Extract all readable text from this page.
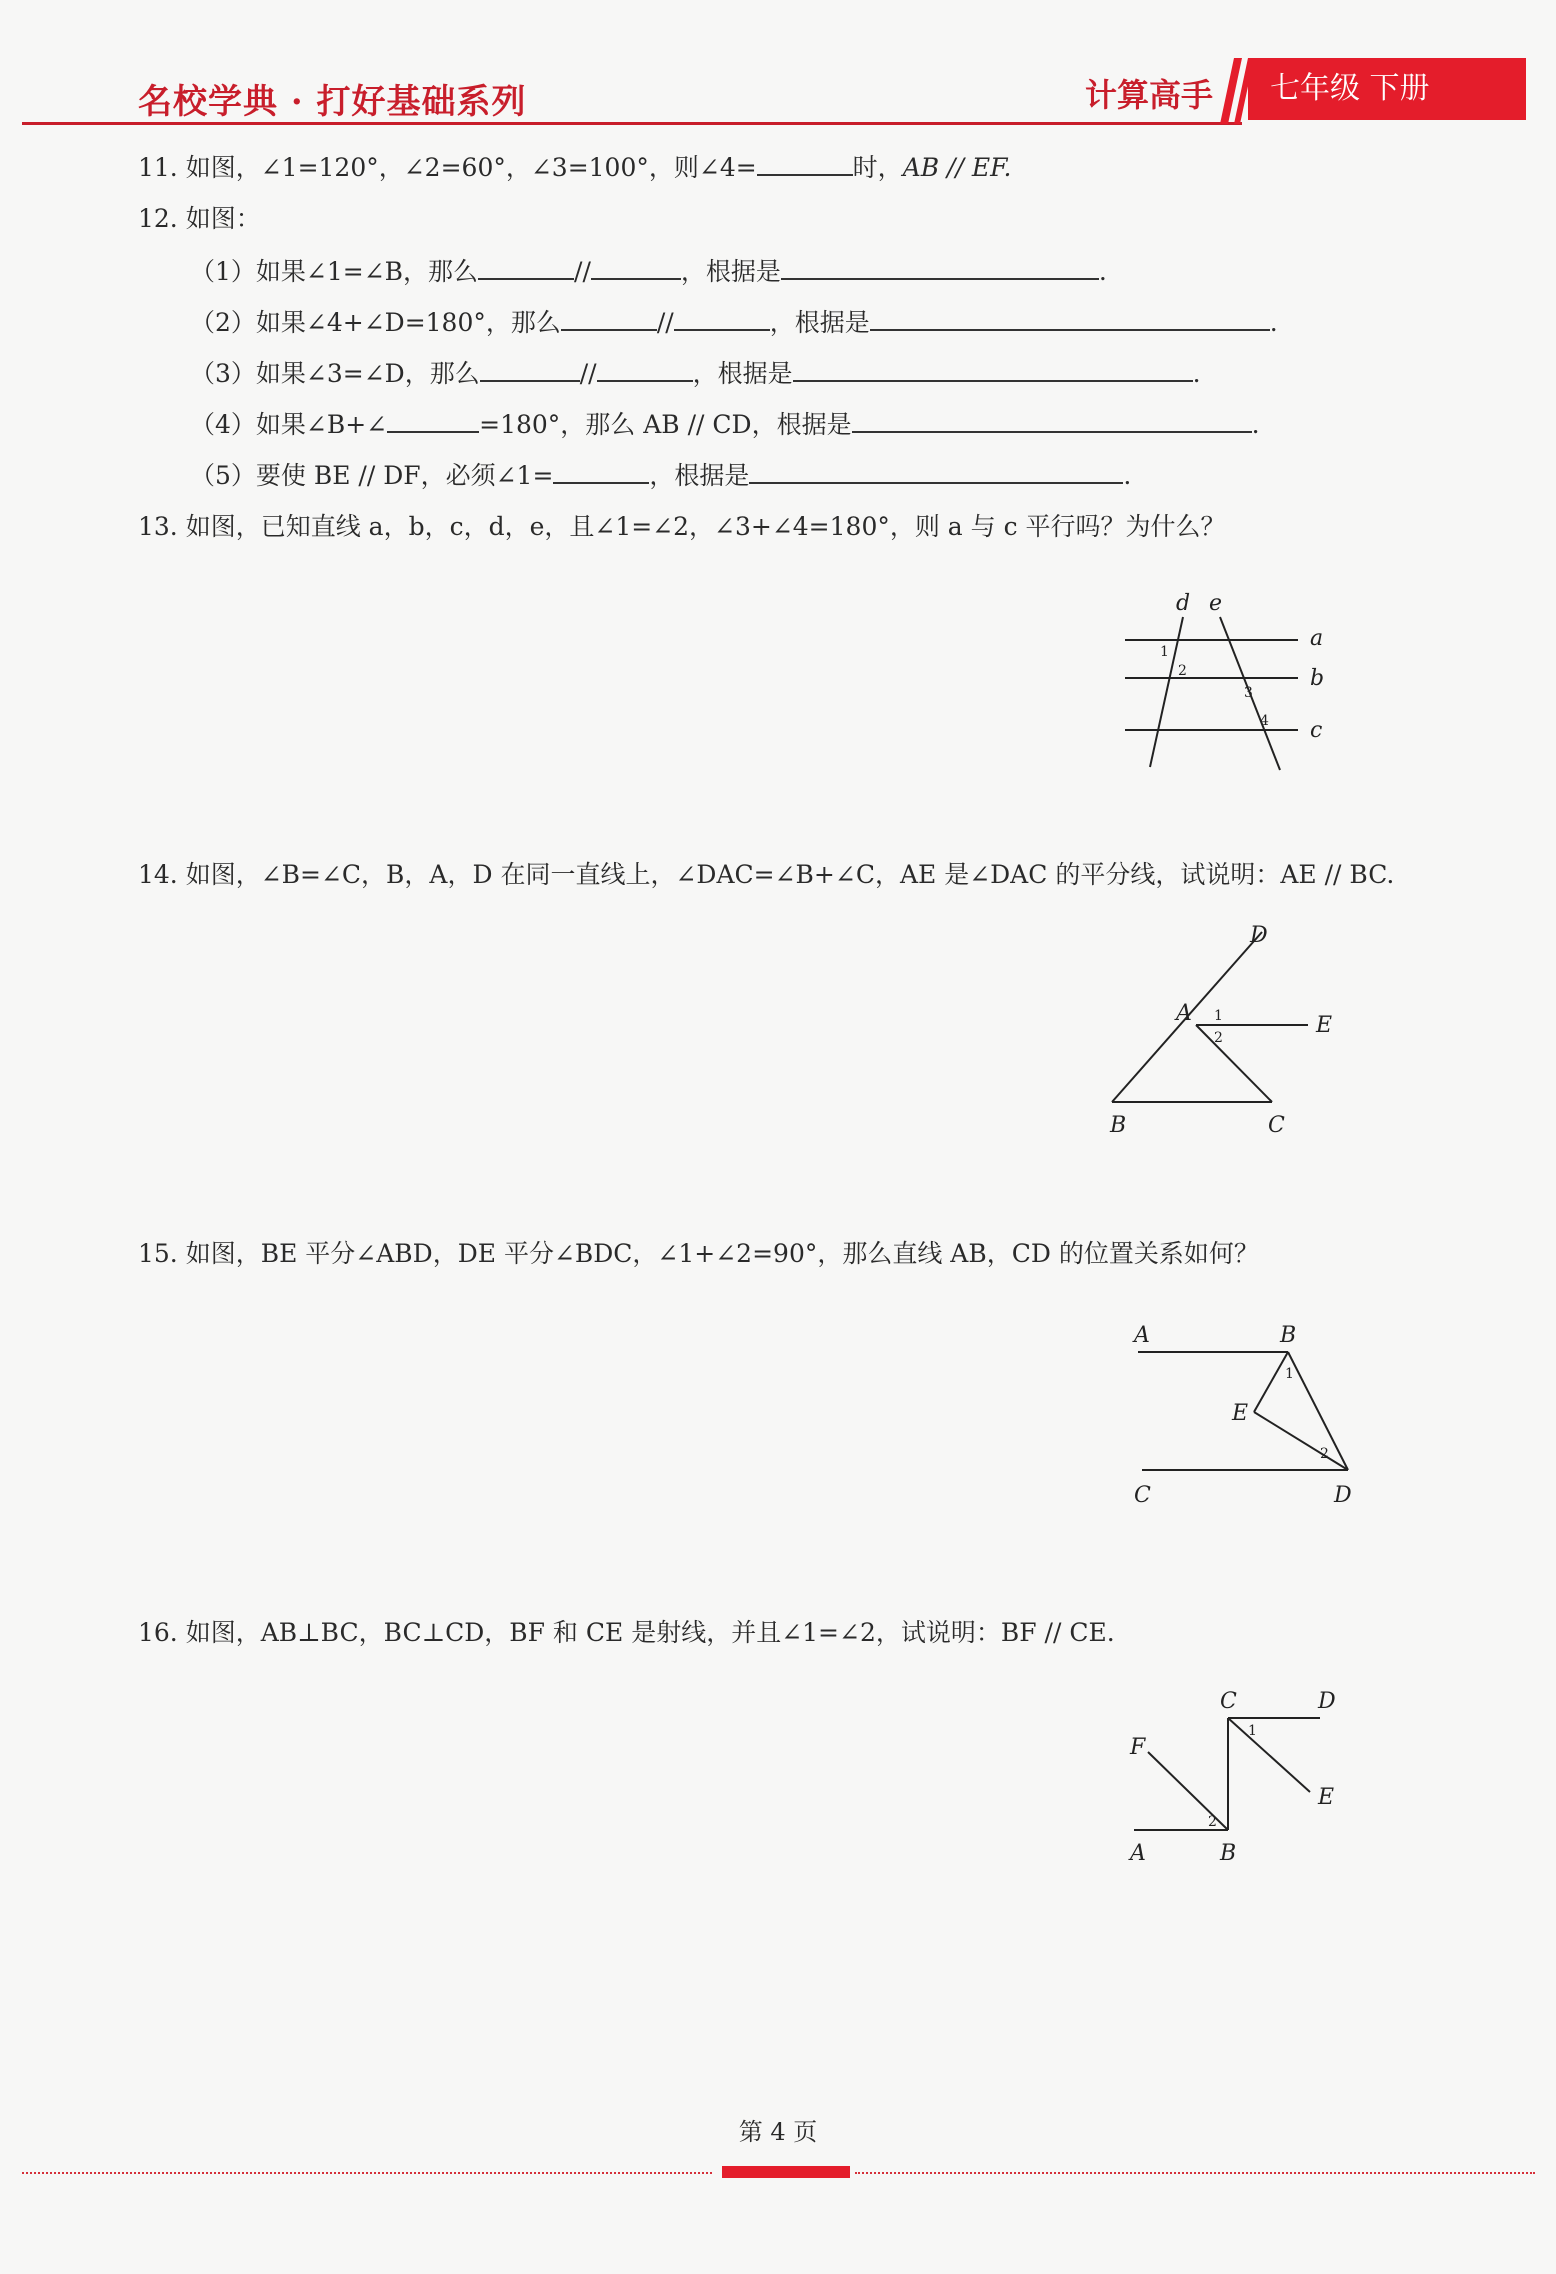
名校学典 · 打好基础系列	计算高手	七年级 下册
11. 如图，∠1=120°，∠2=60°，∠3=100°，则∠4=	时，AB // EF.
12. 如图：
（1）如果∠1=∠B，那么	//	，根据是	.
（2）如果∠4+∠D=180°，那么	//	，根据是	.
（3）如果∠3=∠D，那么	//	，根据是	.
（4）如果∠B+∠	=180°，那么 AB // CD，根据是	.
（5）要使 BE // DF，必须∠1=	，根据是	.
13. 如图，已知直线 a，b，c，d，e，且∠1=∠2，∠3+∠4=180°，则 a 与 c 平行吗？为什么？
d e
a
b
c
1
2
3
4
14. 如图，∠B=∠C，B，A，D 在同一直线上，∠DAC=∠B+∠C，AE 是∠DAC 的平分线，试说明：AE // BC.
D
A	E
B	C
1
2
15. 如图，BE 平分∠ABD，DE 平分∠BDC，∠1+∠2=90°，那么直线 AB，CD 的位置关系如何？
A	B
E
C	D
1
2
16. 如图，AB⊥BC，BC⊥CD，BF 和 CE 是射线，并且∠1=∠2，试说明：BF // CE.
C	D
F
E
A	B
1
2
第 4 页
